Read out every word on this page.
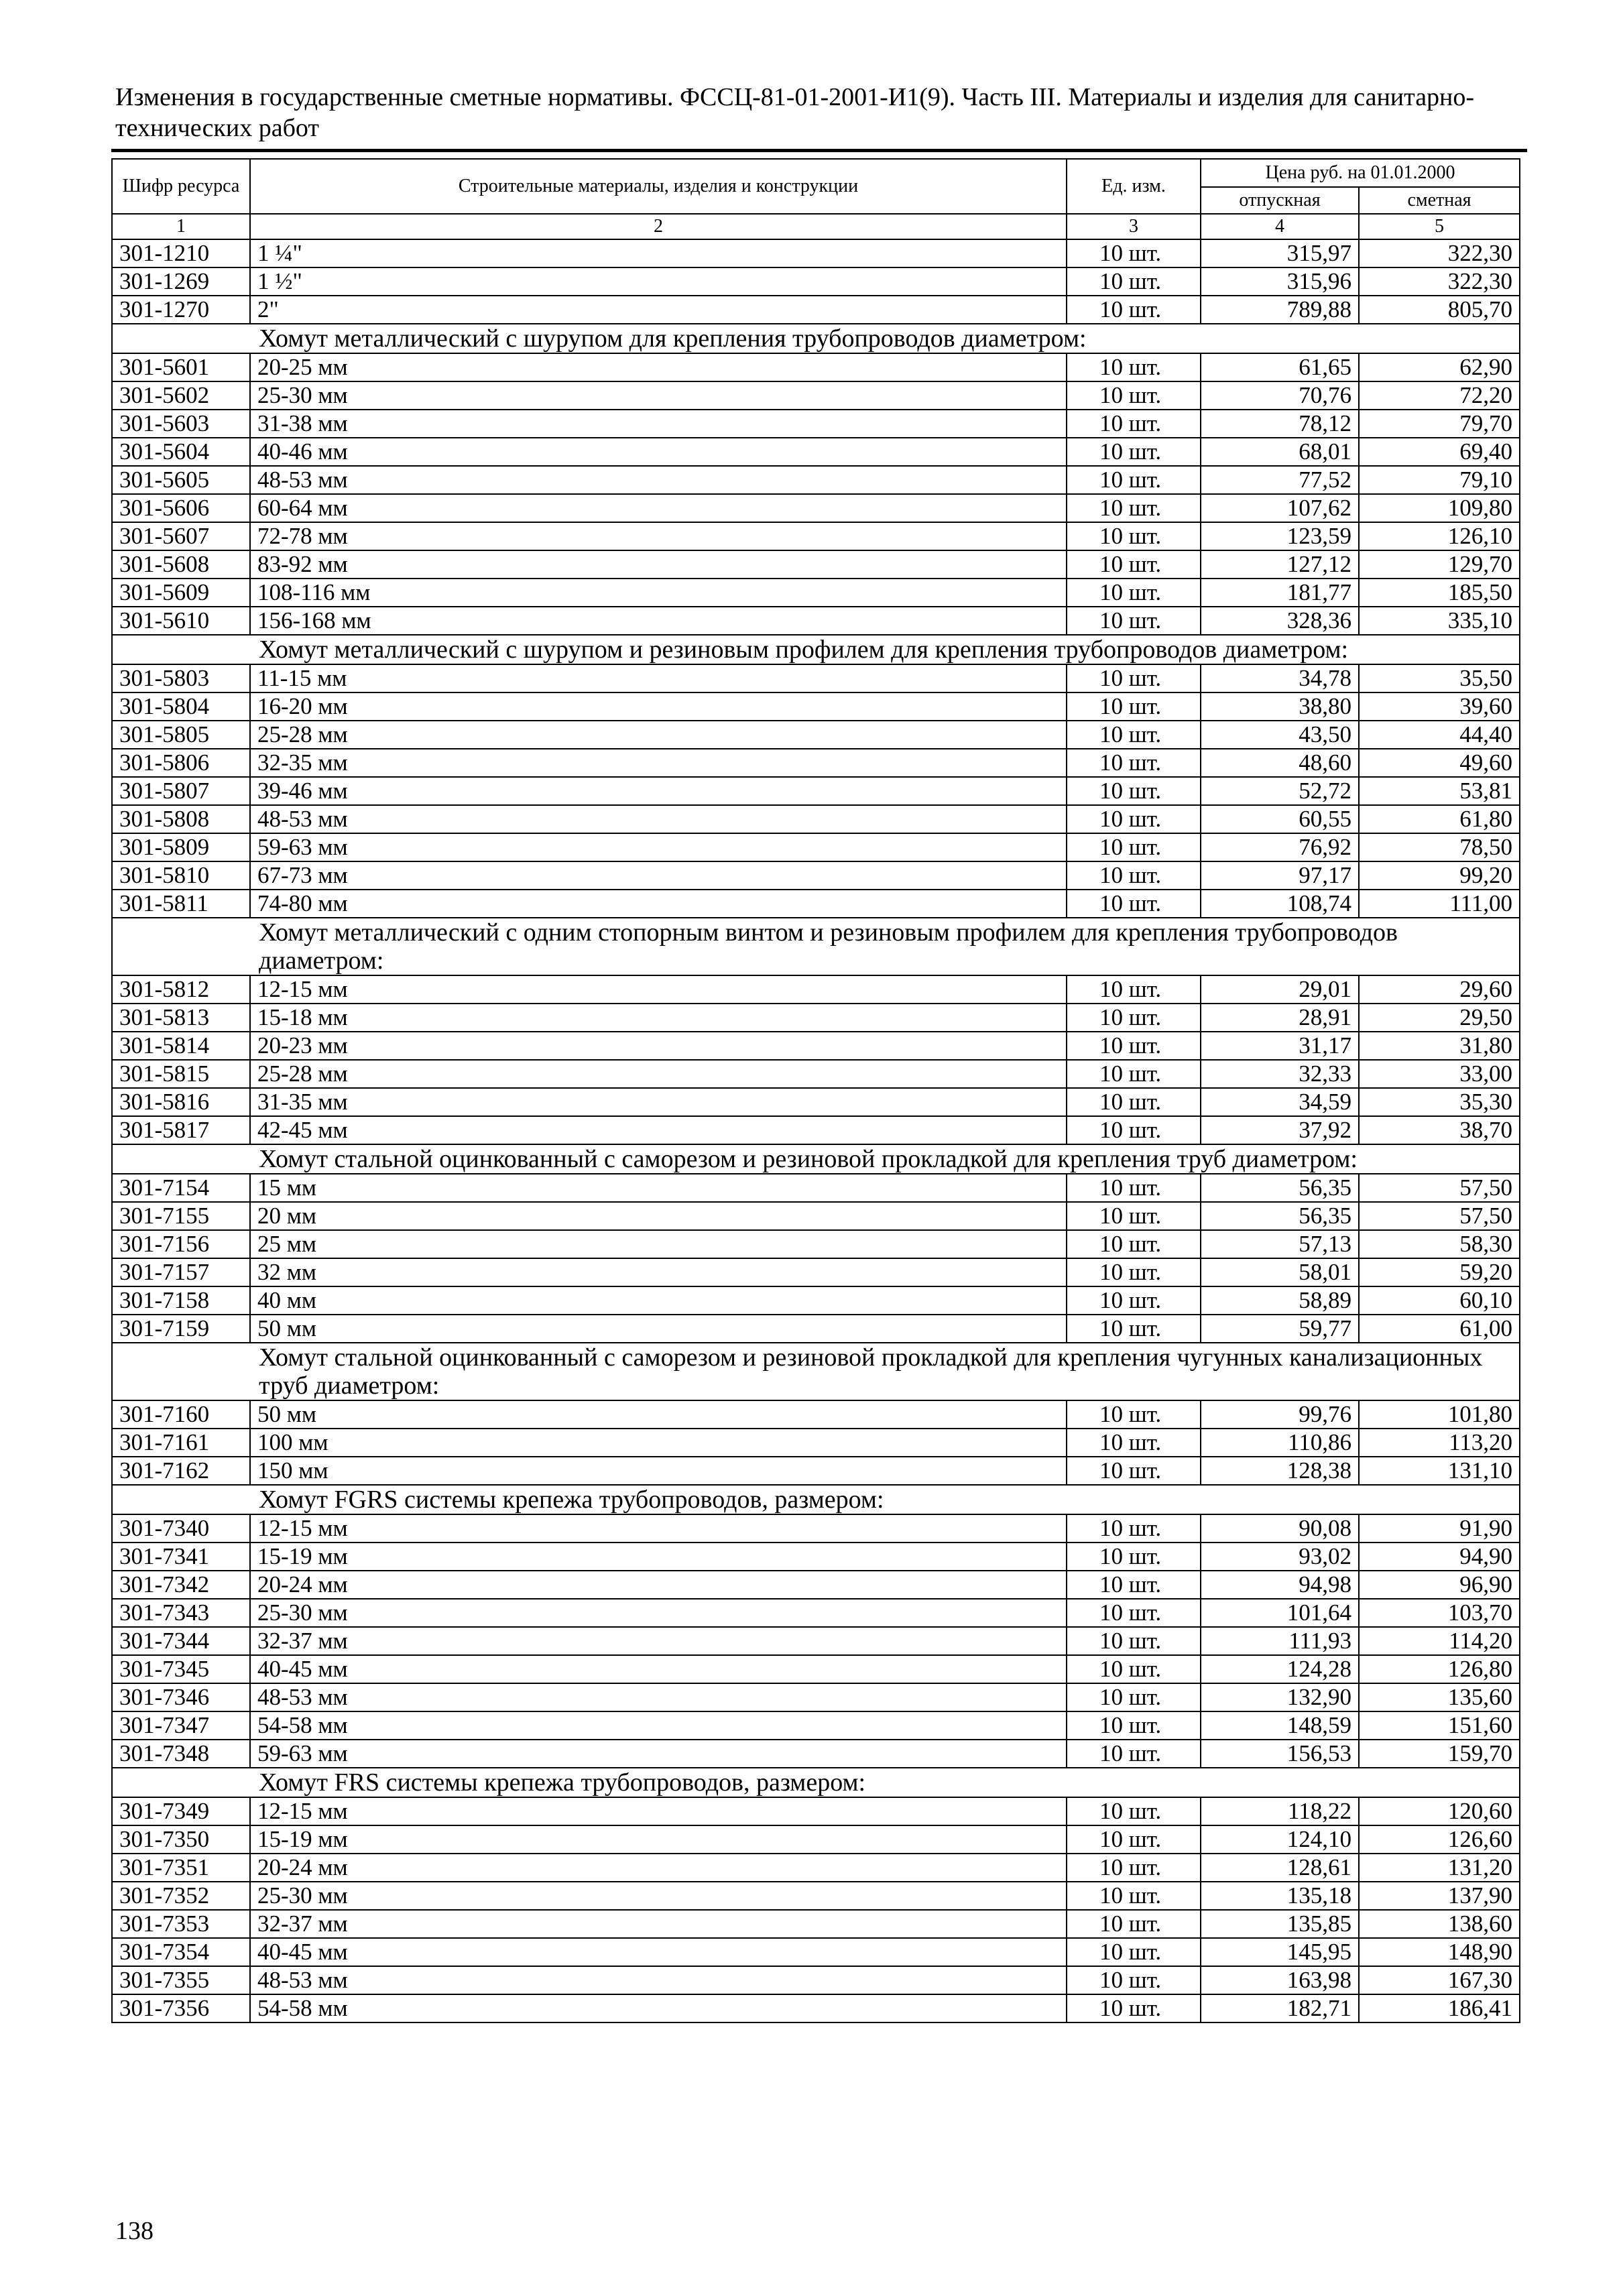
Изменения в государственные сметные нормативы. ФССЦ-81-01-2001-И1(9). Часть III. Материалы и изделия для санитарно-технических работ
Шифр ресурса	Строительные материалы, изделия и конструкции	Ед. изм.	Цена руб. на 01.01.2000	
			отпускная	сметная
1	2	3	4	5
301-1210	1 ¼"	10 шт.	315,97	322,30
301-1269	1 ½"	10 шт.	315,96	322,30
301-1270	2"	10 шт.	789,88	805,70
Хомут металлический с шурупом для крепления трубопроводов диаметром:				
301-5601	20-25 мм	10 шт.	61,65	62,90
301-5602	25-30 мм	10 шт.	70,76	72,20
301-5603	31-38 мм	10 шт.	78,12	79,70
301-5604	40-46 мм	10 шт.	68,01	69,40
301-5605	48-53 мм	10 шт.	77,52	79,10
301-5606	60-64 мм	10 шт.	107,62	109,80
301-5607	72-78 мм	10 шт.	123,59	126,10
301-5608	83-92 мм	10 шт.	127,12	129,70
301-5609	108-116 мм	10 шт.	181,77	185,50
301-5610	156-168 мм	10 шт.	328,36	335,10
Хомут металлический с шурупом и резиновым профилем для крепления трубопроводов диаметром:				
301-5803	11-15 мм	10 шт.	34,78	35,50
301-5804	16-20 мм	10 шт.	38,80	39,60
301-5805	25-28 мм	10 шт.	43,50	44,40
301-5806	32-35 мм	10 шт.	48,60	49,60
301-5807	39-46 мм	10 шт.	52,72	53,81
301-5808	48-53 мм	10 шт.	60,55	61,80
301-5809	59-63 мм	10 шт.	76,92	78,50
301-5810	67-73 мм	10 шт.	97,17	99,20
301-5811	74-80 мм	10 шт.	108,74	111,00
Хомут металлический с одним стопорным винтом и резиновым профилем для крепления трубопроводов диаметром:				
301-5812	12-15 мм	10 шт.	29,01	29,60
301-5813	15-18 мм	10 шт.	28,91	29,50
301-5814	20-23 мм	10 шт.	31,17	31,80
301-5815	25-28 мм	10 шт.	32,33	33,00
301-5816	31-35 мм	10 шт.	34,59	35,30
301-5817	42-45 мм	10 шт.	37,92	38,70
Хомут стальной оцинкованный с саморезом и резиновой прокладкой для крепления труб диаметром:				
301-7154	15 мм	10 шт.	56,35	57,50
301-7155	20 мм	10 шт.	56,35	57,50
301-7156	25 мм	10 шт.	57,13	58,30
301-7157	32 мм	10 шт.	58,01	59,20
301-7158	40 мм	10 шт.	58,89	60,10
301-7159	50 мм	10 шт.	59,77	61,00
Хомут стальной оцинкованный с саморезом и резиновой прокладкой для крепления чугунных канализационных труб диаметром:				
301-7160	50 мм	10 шт.	99,76	101,80
301-7161	100 мм	10 шт.	110,86	113,20
301-7162	150 мм	10 шт.	128,38	131,10
Хомут FGRS системы крепежа трубопроводов, размером:				
301-7340	12-15 мм	10 шт.	90,08	91,90
301-7341	15-19 мм	10 шт.	93,02	94,90
301-7342	20-24 мм	10 шт.	94,98	96,90
301-7343	25-30 мм	10 шт.	101,64	103,70
301-7344	32-37 мм	10 шт.	111,93	114,20
301-7345	40-45 мм	10 шт.	124,28	126,80
301-7346	48-53 мм	10 шт.	132,90	135,60
301-7347	54-58 мм	10 шт.	148,59	151,60
301-7348	59-63 мм	10 шт.	156,53	159,70
Хомут FRS системы крепежа трубопроводов, размером:				
301-7349	12-15 мм	10 шт.	118,22	120,60
301-7350	15-19 мм	10 шт.	124,10	126,60
301-7351	20-24 мм	10 шт.	128,61	131,20
301-7352	25-30 мм	10 шт.	135,18	137,90
301-7353	32-37 мм	10 шт.	135,85	138,60
301-7354	40-45 мм	10 шт.	145,95	148,90
301-7355	48-53 мм	10 шт.	163,98	167,30
301-7356	54-58 мм	10 шт.	182,71	186,41
138
